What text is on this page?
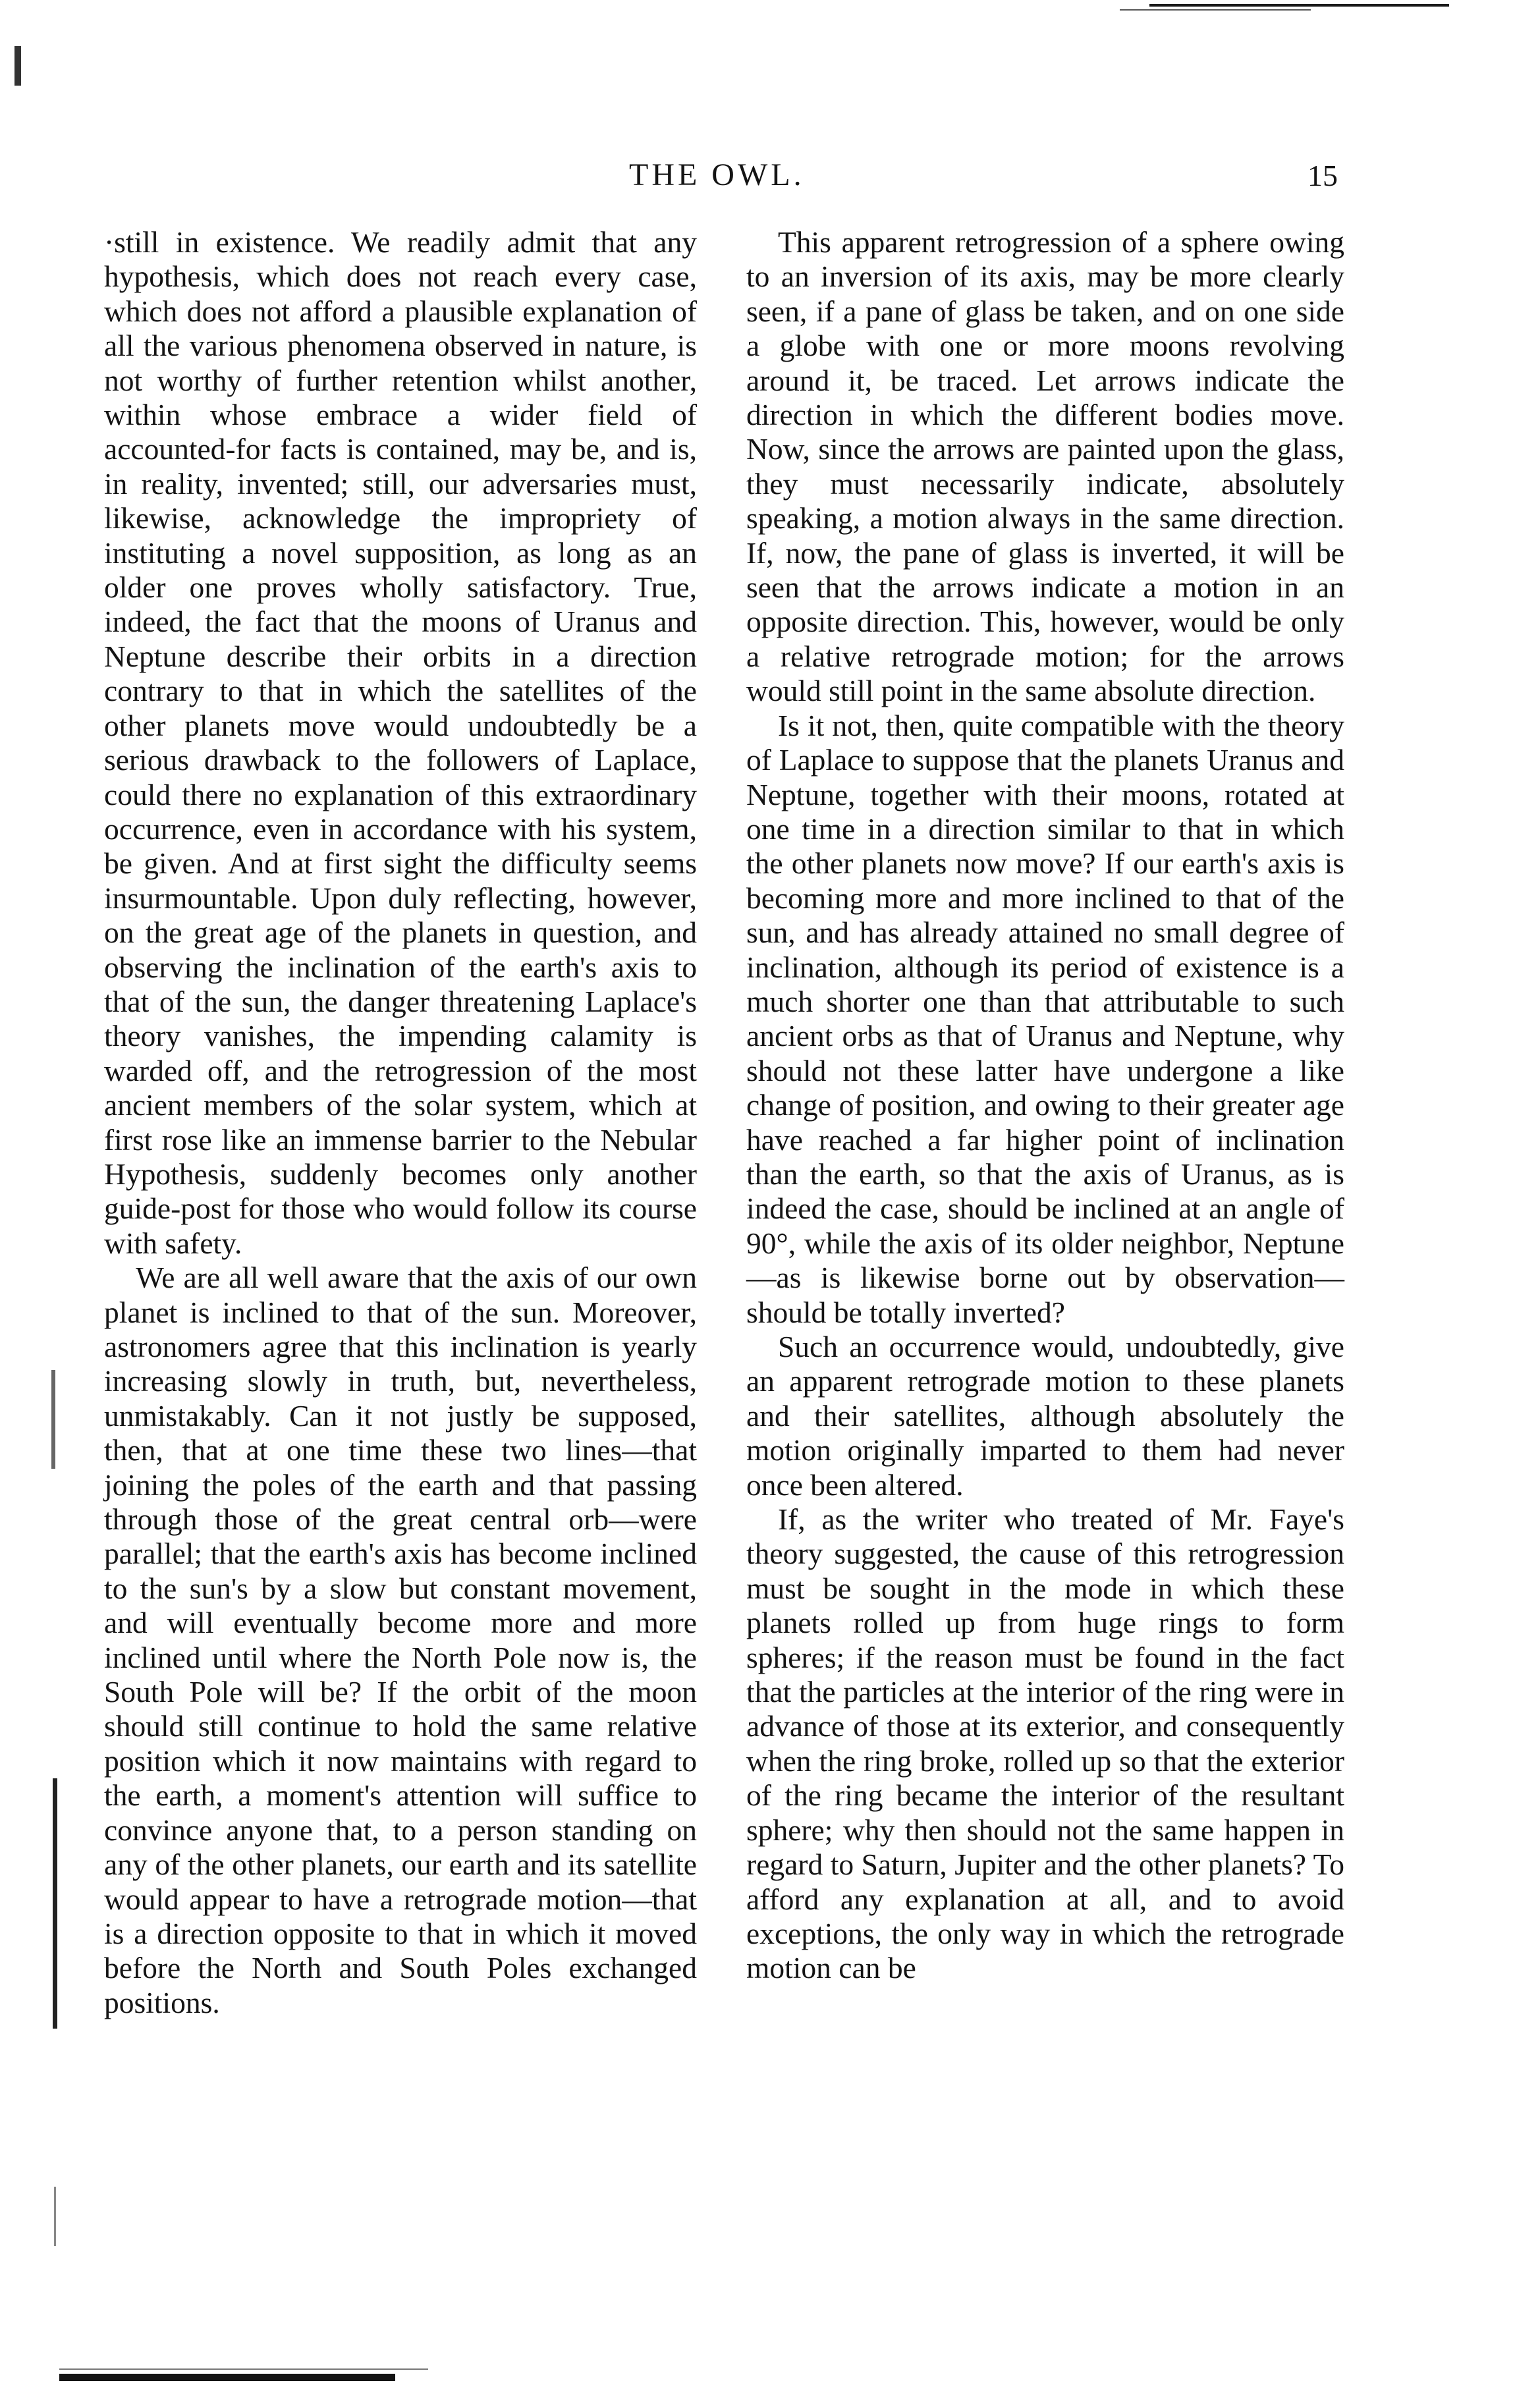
THE OWL.	15

·still in existence. We readily admit that any hypothesis, which does not reach every case, which does not afford a plausible explanation of all the various phenomena observed in nature, is not worthy of further retention whilst another, within whose embrace a wider field of accounted-for facts is contained, may be, and is, in reality, invented; still, our adversaries must, likewise, acknowledge the impropriety of instituting a novel supposition, as long as an older one proves wholly satisfactory. True, indeed, the fact that the moons of Uranus and Neptune describe their orbits in a direction contrary to that in which the satellites of the other planets move would undoubtedly be a serious drawback to the followers of Laplace, could there no explanation of this extraordinary occurrence, even in accordance with his system, be given. And at first sight the difficulty seems insurmountable. Upon duly reflecting, however, on the great age of the planets in question, and observing the inclination of the earth's axis to that of the sun, the danger threatening Laplace's theory vanishes, the impending calamity is warded off, and the retrogression of the most ancient members of the solar system, which at first rose like an immense barrier to the Nebular Hypothesis, suddenly becomes only another guide-post for those who would follow its course with safety.

We are all well aware that the axis of our own planet is inclined to that of the sun. Moreover, astronomers agree that this inclination is yearly increasing slowly in truth, but, nevertheless, unmistakably. Can it not justly be supposed, then, that at one time these two lines—that joining the poles of the earth and that passing through those of the great central orb—were parallel; that the earth's axis has become inclined to the sun's by a slow but constant movement, and will eventually become more and more inclined until where the North Pole now is, the South Pole will be? If the orbit of the moon should still continue to hold the same relative position which it now maintains with regard to the earth, a moment's attention will suffice to convince anyone that, to a person standing on any of the other planets, our earth and its satellite would appear to have a retrograde motion—that is a direction opposite to that in which it moved before the North and South Poles exchanged positions.

This apparent retrogression of a sphere owing to an inversion of its axis, may be more clearly seen, if a pane of glass be taken, and on one side a globe with one or more moons revolving around it, be traced. Let arrows indicate the direction in which the different bodies move. Now, since the arrows are painted upon the glass, they must necessarily indicate, absolutely speaking, a motion always in the same direction. If, now, the pane of glass is inverted, it will be seen that the arrows indicate a motion in an opposite direction. This, however, would be only a relative retrograde motion; for the arrows would still point in the same absolute direction.

Is it not, then, quite compatible with the theory of Laplace to suppose that the planets Uranus and Neptune, together with their moons, rotated at one time in a direction similar to that in which the other planets now move? If our earth's axis is becoming more and more inclined to that of the sun, and has already attained no small degree of inclination, although its period of existence is a much shorter one than that attributable to such ancient orbs as that of Uranus and Neptune, why should not these latter have undergone a like change of position, and owing to their greater age have reached a far higher point of inclination than the earth, so that the axis of Uranus, as is indeed the case, should be inclined at an angle of 90°, while the axis of its older neighbor, Neptune—as is likewise borne out by observation—should be totally inverted?

Such an occurrence would, undoubtedly, give an apparent retrograde motion to these planets and their satellites, although absolutely the motion originally imparted to them had never once been altered.

If, as the writer who treated of Mr. Faye's theory suggested, the cause of this retrogression must be sought in the mode in which these planets rolled up from huge rings to form spheres; if the reason must be found in the fact that the particles at the interior of the ring were in advance of those at its exterior, and consequently when the ring broke, rolled up so that the exterior of the ring became the interior of the resultant sphere; why then should not the same happen in regard to Saturn, Jupiter and the other planets? To afford any explanation at all, and to avoid exceptions, the only way in which the retrograde motion can be
